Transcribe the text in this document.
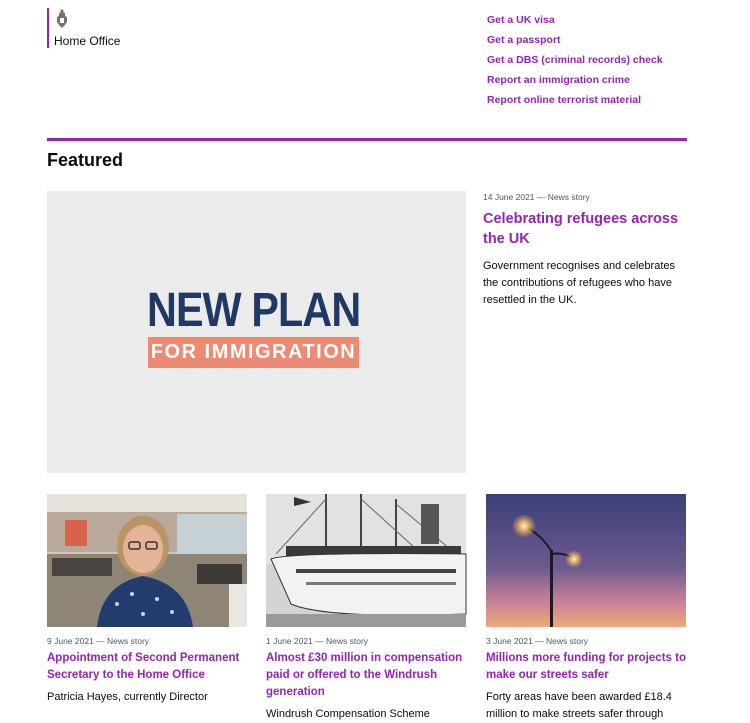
Home Office
Get a UK visa
Get a passport
Get a DBS (criminal records) check
Report an immigration crime
Report online terrorist material
Featured
NEW PLAN
FOR IMMIGRATION
14 June 2021 — News story
Celebrating refugees across the UK

Government recognises and celebrates the contributions of refugees who have resettled in the UK.

9 June 2021 — News story
Appointment of Second Permanent Secretary to the Home Office

Patricia Hayes, currently Director

1 June 2021 — News story
Almost £30 million in compensation paid or offered to the Windrush generation

Windrush Compensation Scheme

3 June 2021 — News story
Millions more funding for projects to make our streets safer

Forty areas have been awarded £18.4 million to make streets safer through
